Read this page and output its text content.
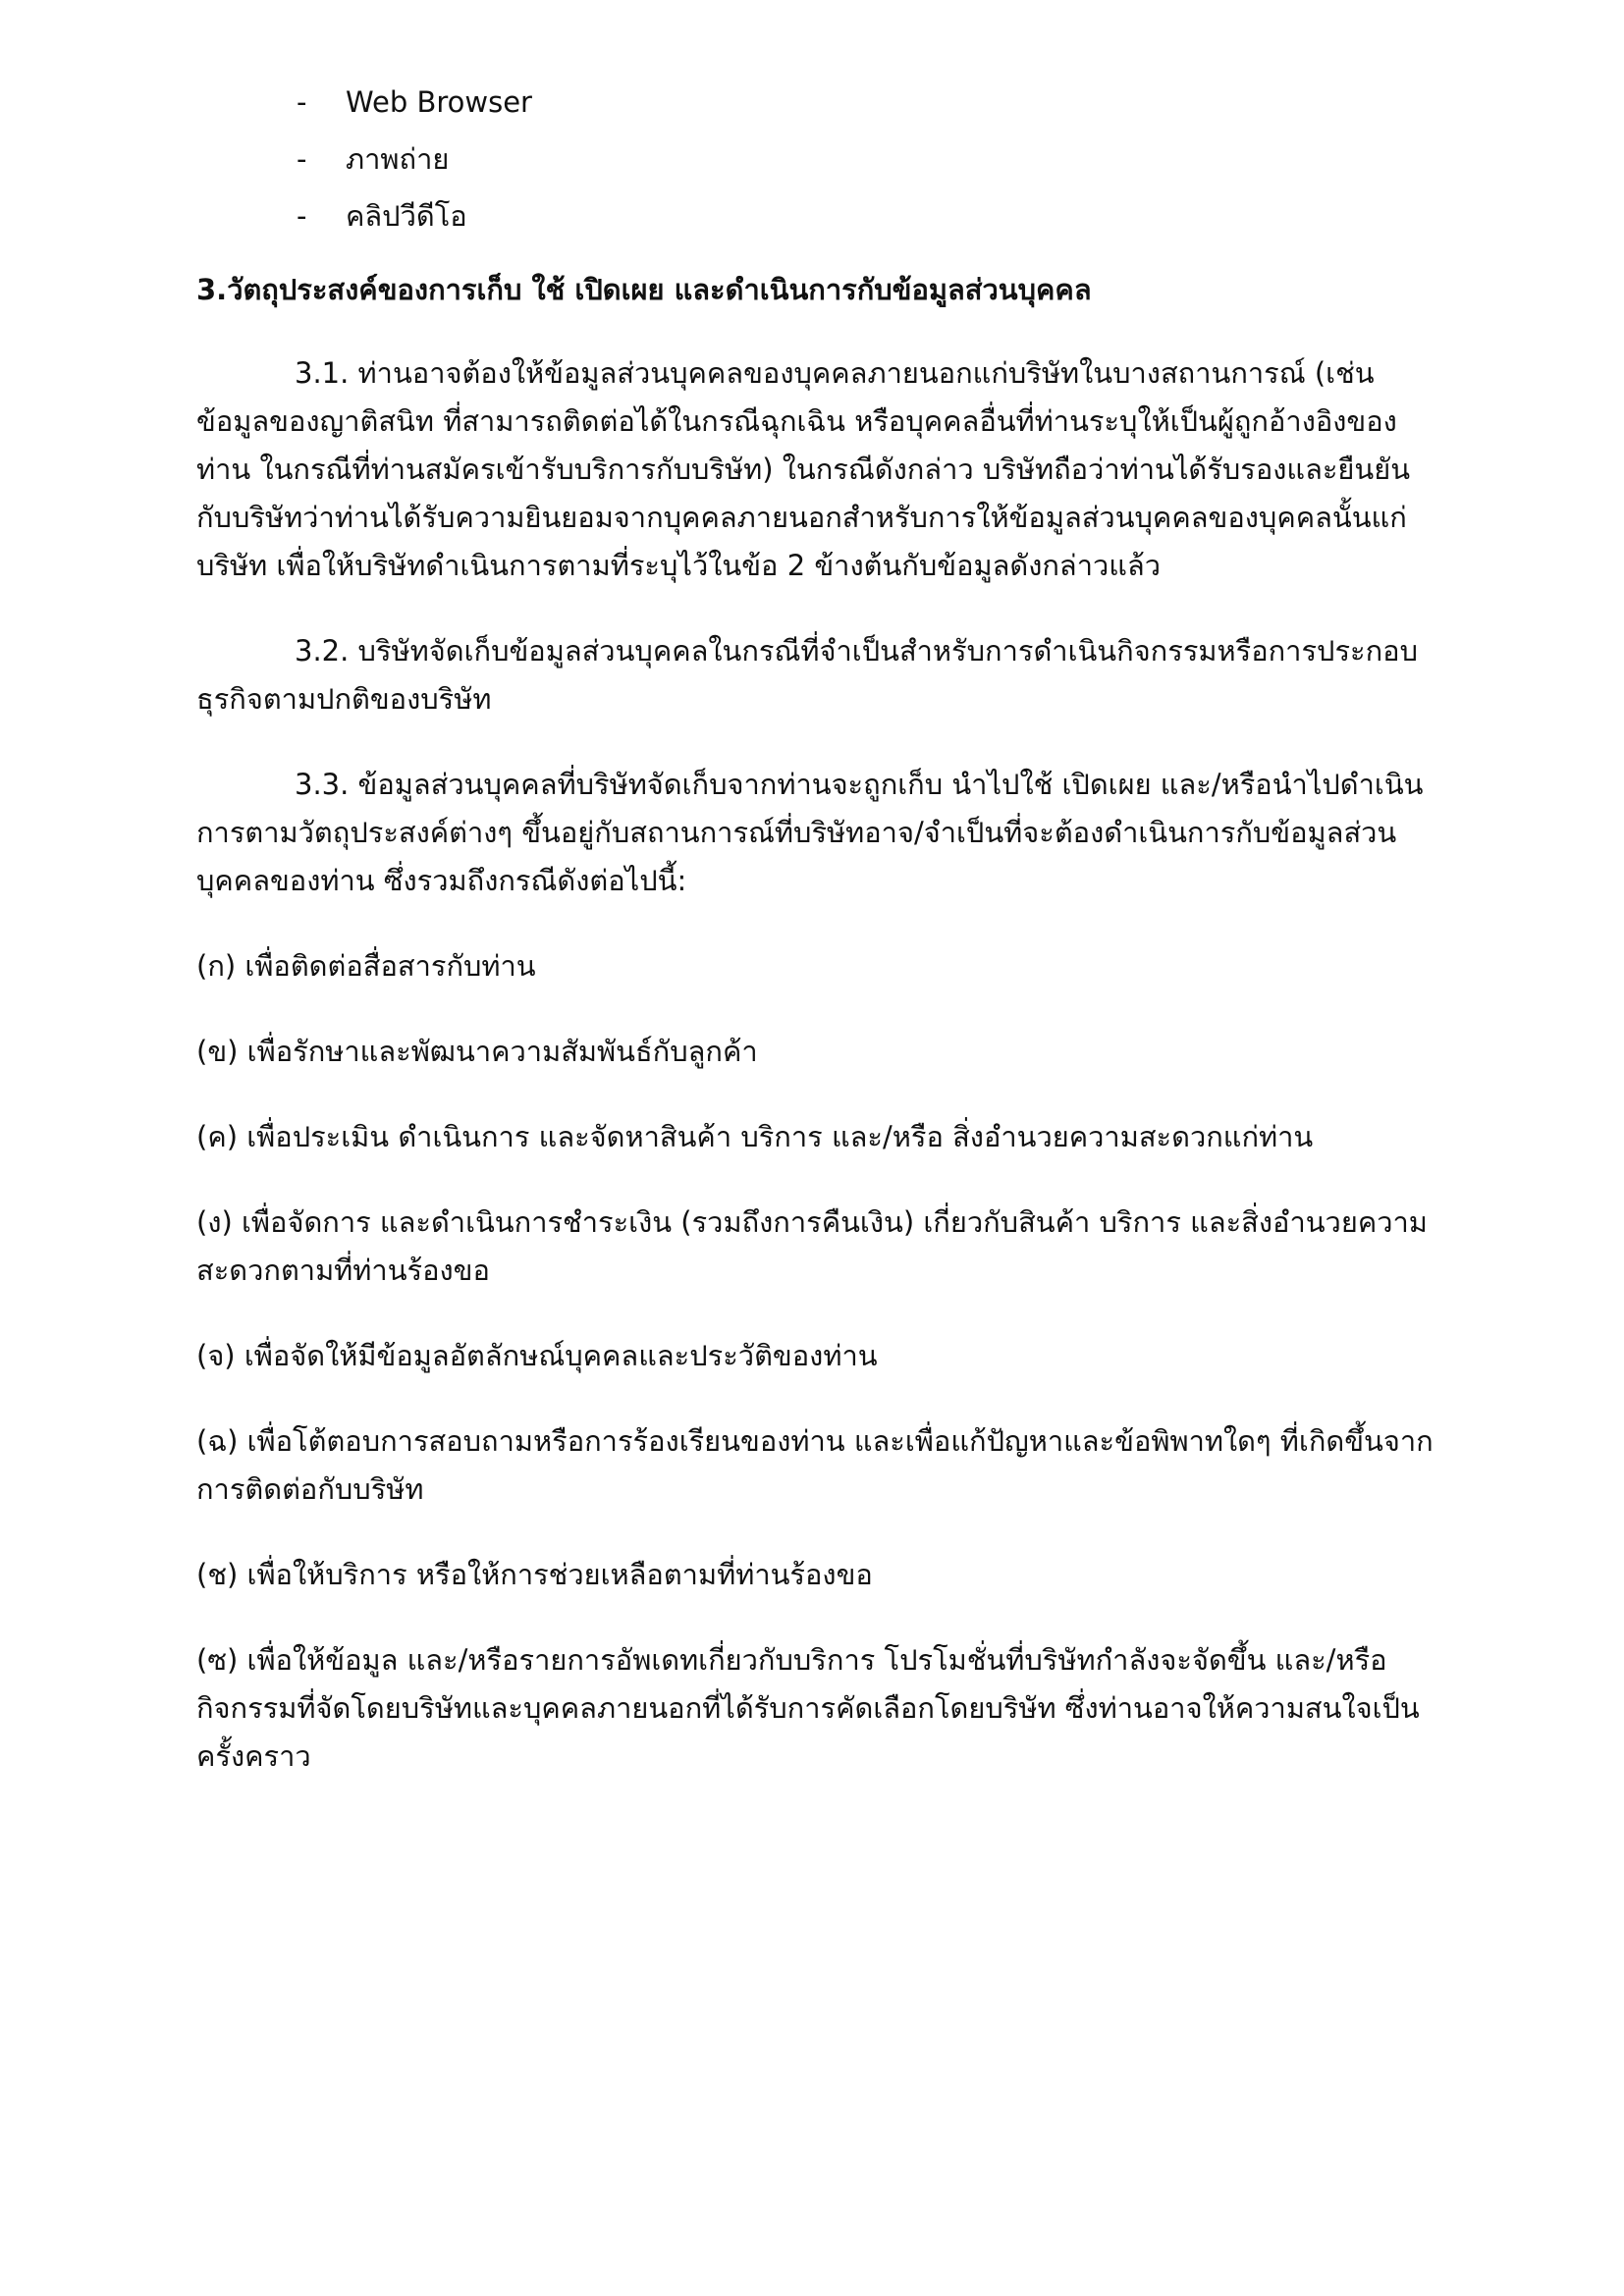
-	Web Browser
-	ภาพถ่าย
-	คลิปวีดีโอ
3.วัตถุประสงค์ของการเก็บ ใช้ เปิดเผย และดำเนินการกับข้อมูลส่วนบุคคล

3.1. ท่านอาจต้องให้ข้อมูลส่วนบุคคลของบุคคลภายนอกแก่บริษัทในบางสถานการณ์ (เช่น ข้อมูลของญาติสนิท ที่สามารถติดต่อได้ในกรณีฉุกเฉิน หรือบุคคลอื่นที่ท่านระบุให้เป็นผู้ถูกอ้างอิงของท่าน ในกรณีที่ท่านสมัครเข้ารับบริการกับบริษัท) ในกรณีดังกล่าว บริษัทถือว่าท่านได้รับรองและยืนยันกับบริษัทว่าท่านได้รับความยินยอมจากบุคคลภายนอกสำหรับการให้ข้อมูลส่วนบุคคลของบุคคลนั้นแก่บริษัท เพื่อให้บริษัทดำเนินการตามที่ระบุไว้ในข้อ 2 ข้างต้นกับข้อมูลดังกล่าวแล้ว

3.2. บริษัทจัดเก็บข้อมูลส่วนบุคคลในกรณีที่จำเป็นสำหรับการดำเนินกิจกรรมหรือการประกอบธุรกิจตามปกติของบริษัท

3.3. ข้อมูลส่วนบุคคลที่บริษัทจัดเก็บจากท่านจะถูกเก็บ นำไปใช้ เปิดเผย และ/หรือนำไปดำเนินการตามวัตถุประสงค์ต่างๆ ขึ้นอยู่กับสถานการณ์ที่บริษัทอาจ/จำเป็นที่จะต้องดำเนินการกับข้อมูลส่วนบุคคลของท่าน ซึ่งรวมถึงกรณีดังต่อไปนี้:

(ก) เพื่อติดต่อสื่อสารกับท่าน

(ข) เพื่อรักษาและพัฒนาความสัมพันธ์กับลูกค้า

(ค) เพื่อประเมิน ดำเนินการ และจัดหาสินค้า บริการ และ/หรือ สิ่งอำนวยความสะดวกแก่ท่าน

(ง) เพื่อจัดการ และดำเนินการชำระเงิน (รวมถึงการคืนเงิน) เกี่ยวกับสินค้า บริการ และสิ่งอำนวยความสะดวกตามที่ท่านร้องขอ

(จ) เพื่อจัดให้มีข้อมูลอัตลักษณ์บุคคลและประวัติของท่าน

(ฉ) เพื่อโต้ตอบการสอบถามหรือการร้องเรียนของท่าน และเพื่อแก้ปัญหาและข้อพิพาทใดๆ ที่เกิดขึ้นจากการติดต่อกับบริษัท

(ช) เพื่อให้บริการ หรือให้การช่วยเหลือตามที่ท่านร้องขอ

(ซ) เพื่อให้ข้อมูล และ/หรือรายการอัพเดทเกี่ยวกับบริการ โปรโมชั่นที่บริษัทกำลังจะจัดขึ้น และ/หรือกิจกรรมที่จัดโดยบริษัทและบุคคลภายนอกที่ได้รับการคัดเลือกโดยบริษัท ซึ่งท่านอาจให้ความสนใจเป็นครั้งคราว
